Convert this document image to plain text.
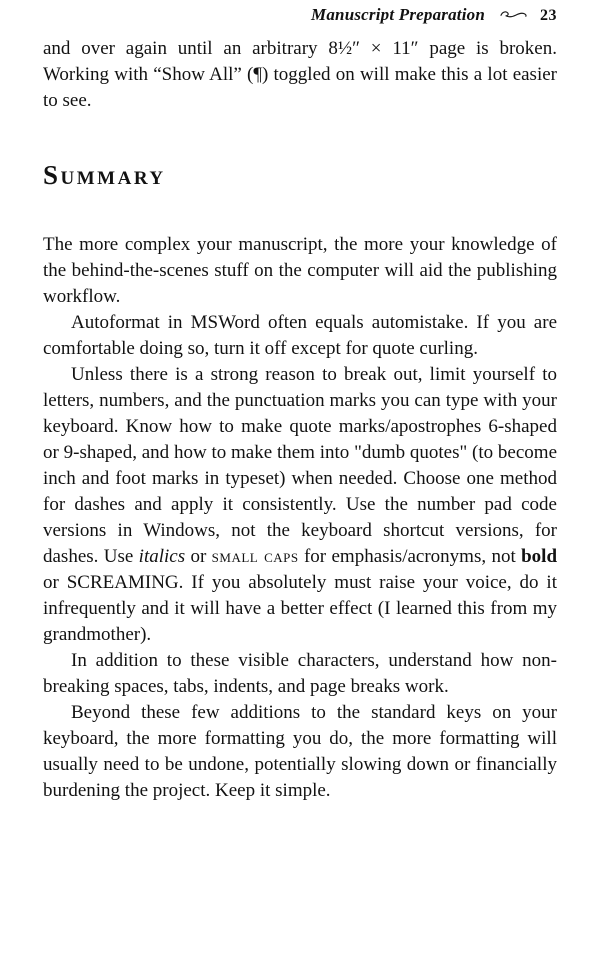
Manuscript Preparation	23

and over again until an arbitrary 8½″ × 11″ page is broken. Working with “Show All” (¶) toggled on will make this a lot easier to see.

Summary

The more complex your manuscript, the more your knowledge of the behind-the-scenes stuff on the computer will aid the publishing workflow.

Autoformat in MSWord often equals automistake. If you are comfortable doing so, turn it off except for quote curling.

Unless there is a strong reason to break out, limit yourself to letters, numbers, and the punctuation marks you can type with your keyboard. Know how to make quote marks/apostrophes 6-shaped or 9-shaped, and how to make them into "dumb quotes" (to become inch and foot marks in typeset) when needed. Choose one method for dashes and apply it consistently. Use the number pad code versions in Windows, not the keyboard shortcut versions, for dashes. Use italics or small caps for emphasis/acronyms, not bold or SCREAMING. If you absolutely must raise your voice, do it infrequently and it will have a better effect (I learned this from my grandmother).

In addition to these visible characters, understand how non-breaking spaces, tabs, indents, and page breaks work.

Beyond these few additions to the standard keys on your keyboard, the more formatting you do, the more formatting will usually need to be undone, potentially slowing down or financially burdening the project. Keep it simple.
